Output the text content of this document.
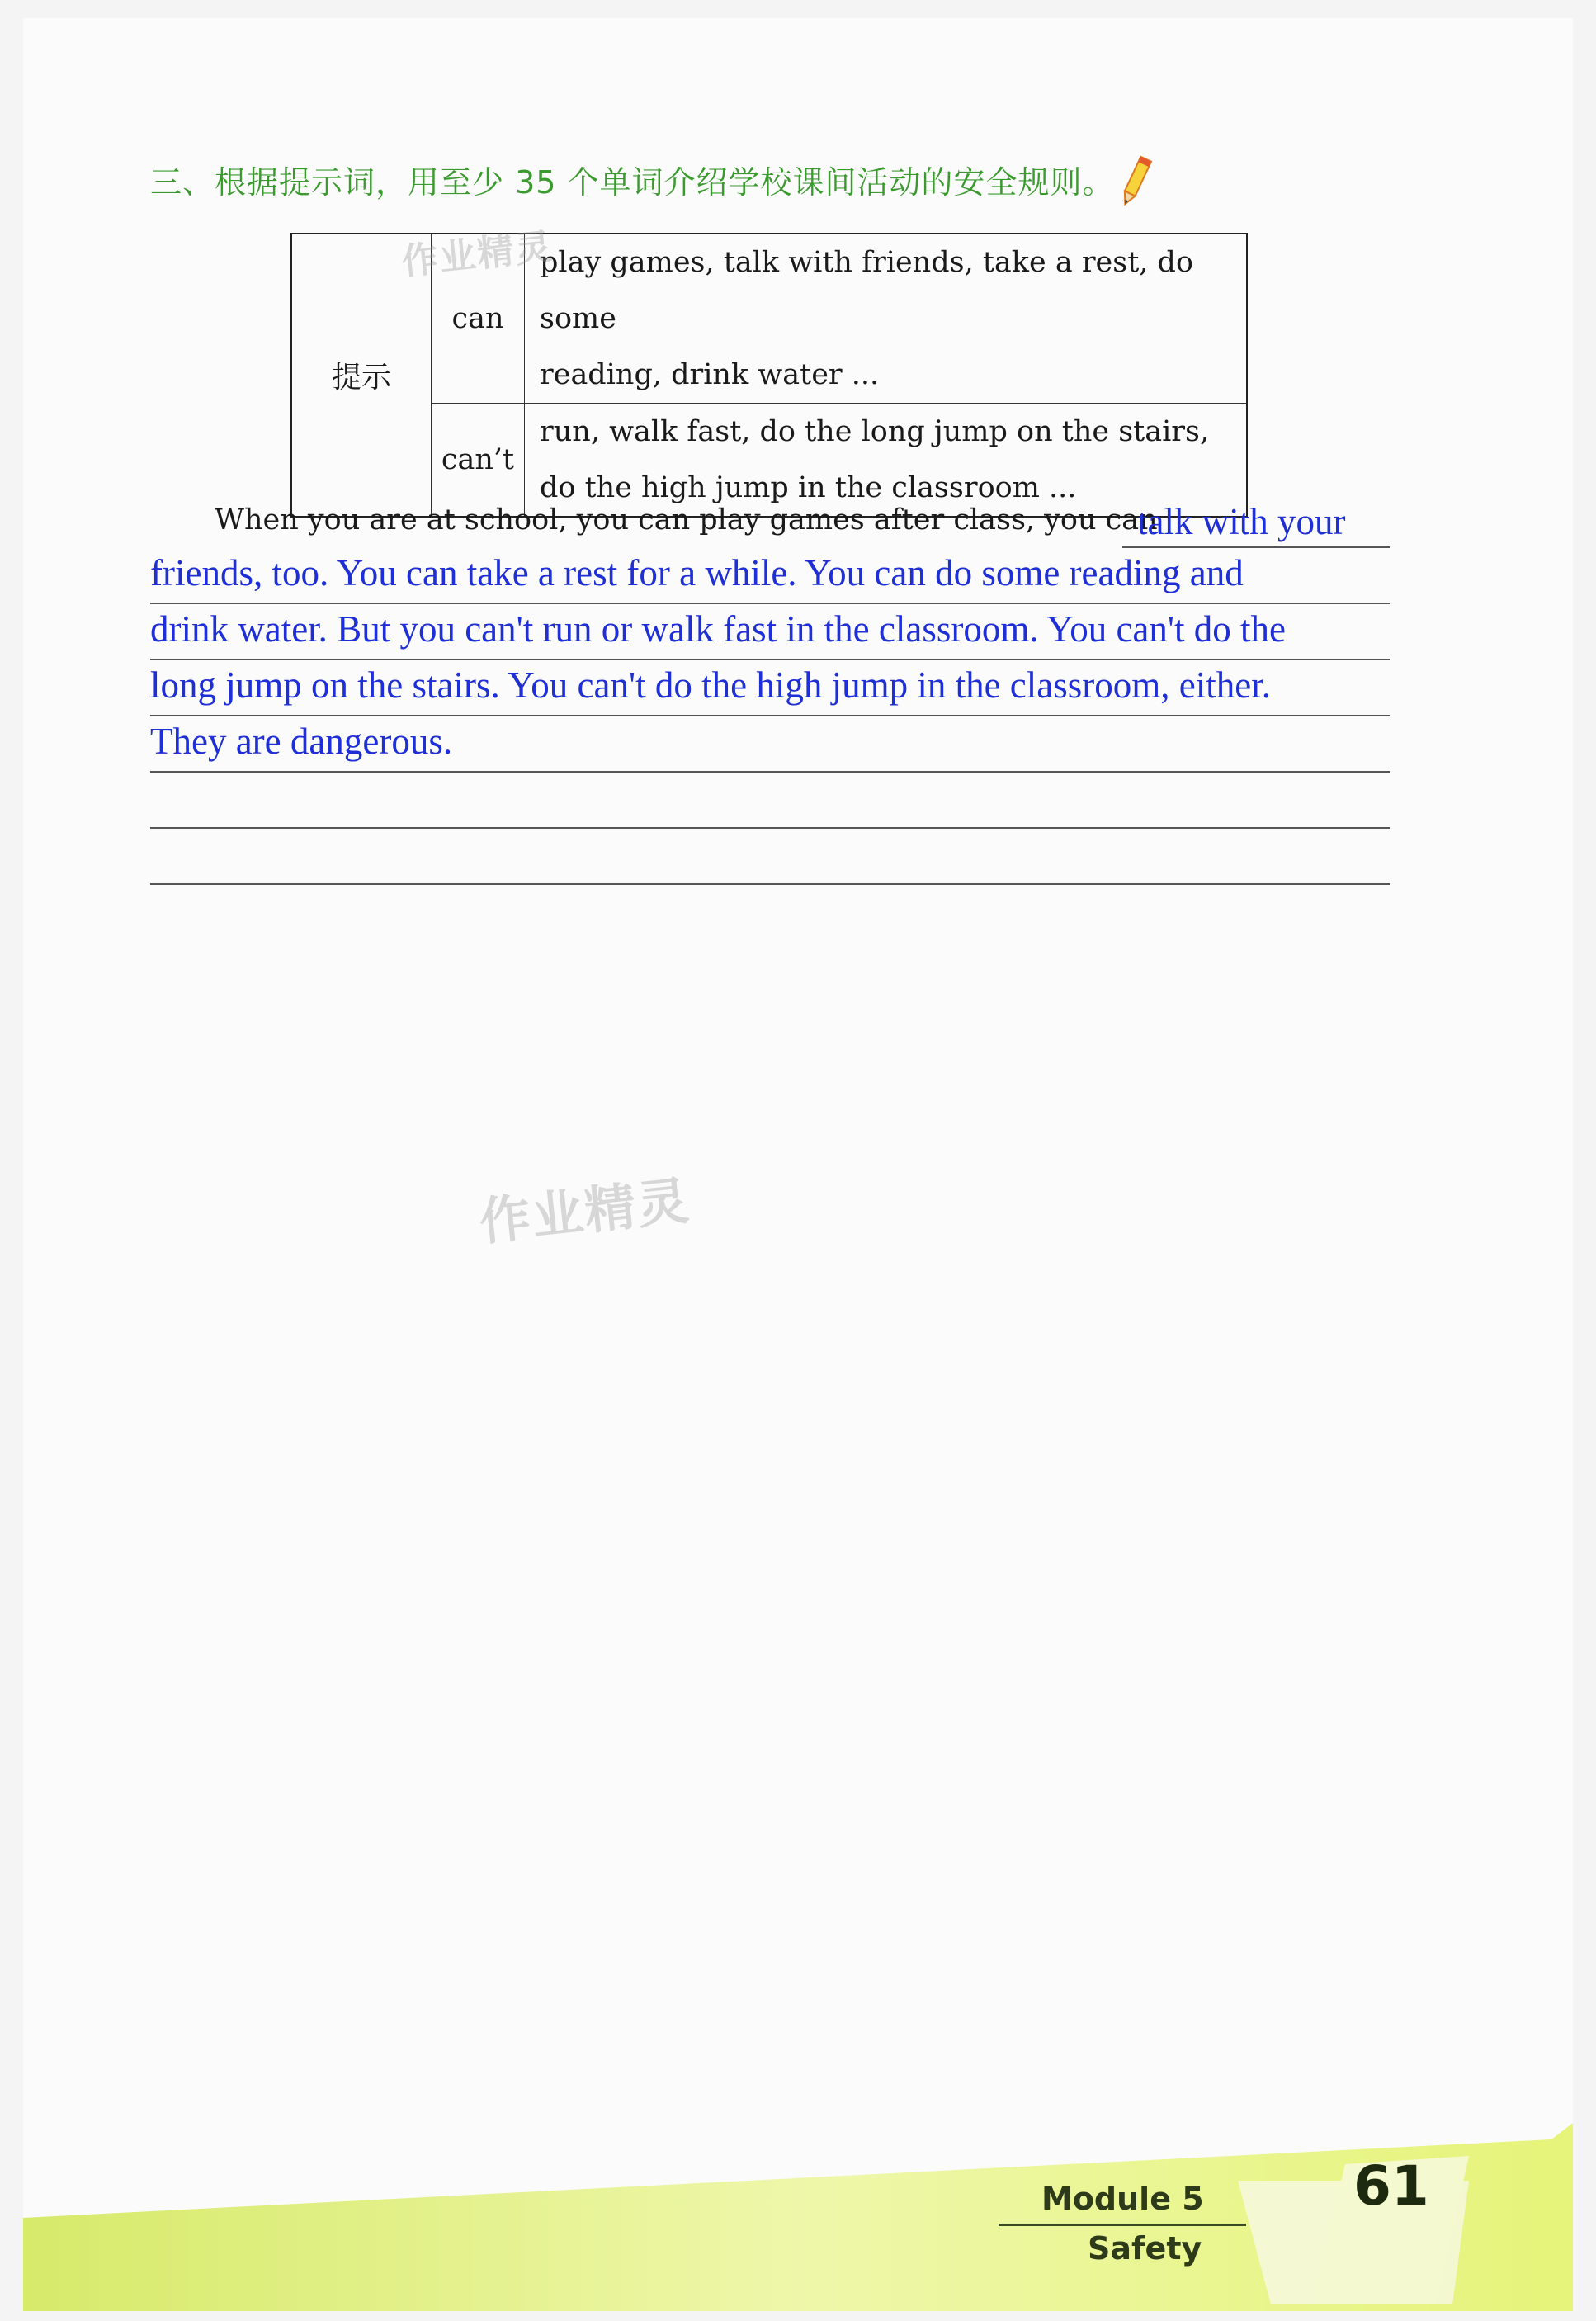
三、根据提示词，用至少 35 个单词介绍学校课间活动的安全规则。
提示	can	play games, talk with friends, take a rest, do some
reading, drink water ...

	can’t	run, walk fast, do the long jump on the stairs,
do the high jump in the classroom ...
作业精灵
When you are at school, you can play games after class, you can
talk with your
friends, too. You can take a rest for a while. You can do some reading and
drink water. But you can't run or walk fast in the classroom. You can't do the
long jump on the stairs. You can't do the high jump in the classroom, either.
They are dangerous.
作业精灵
Module 5
Safety
61
